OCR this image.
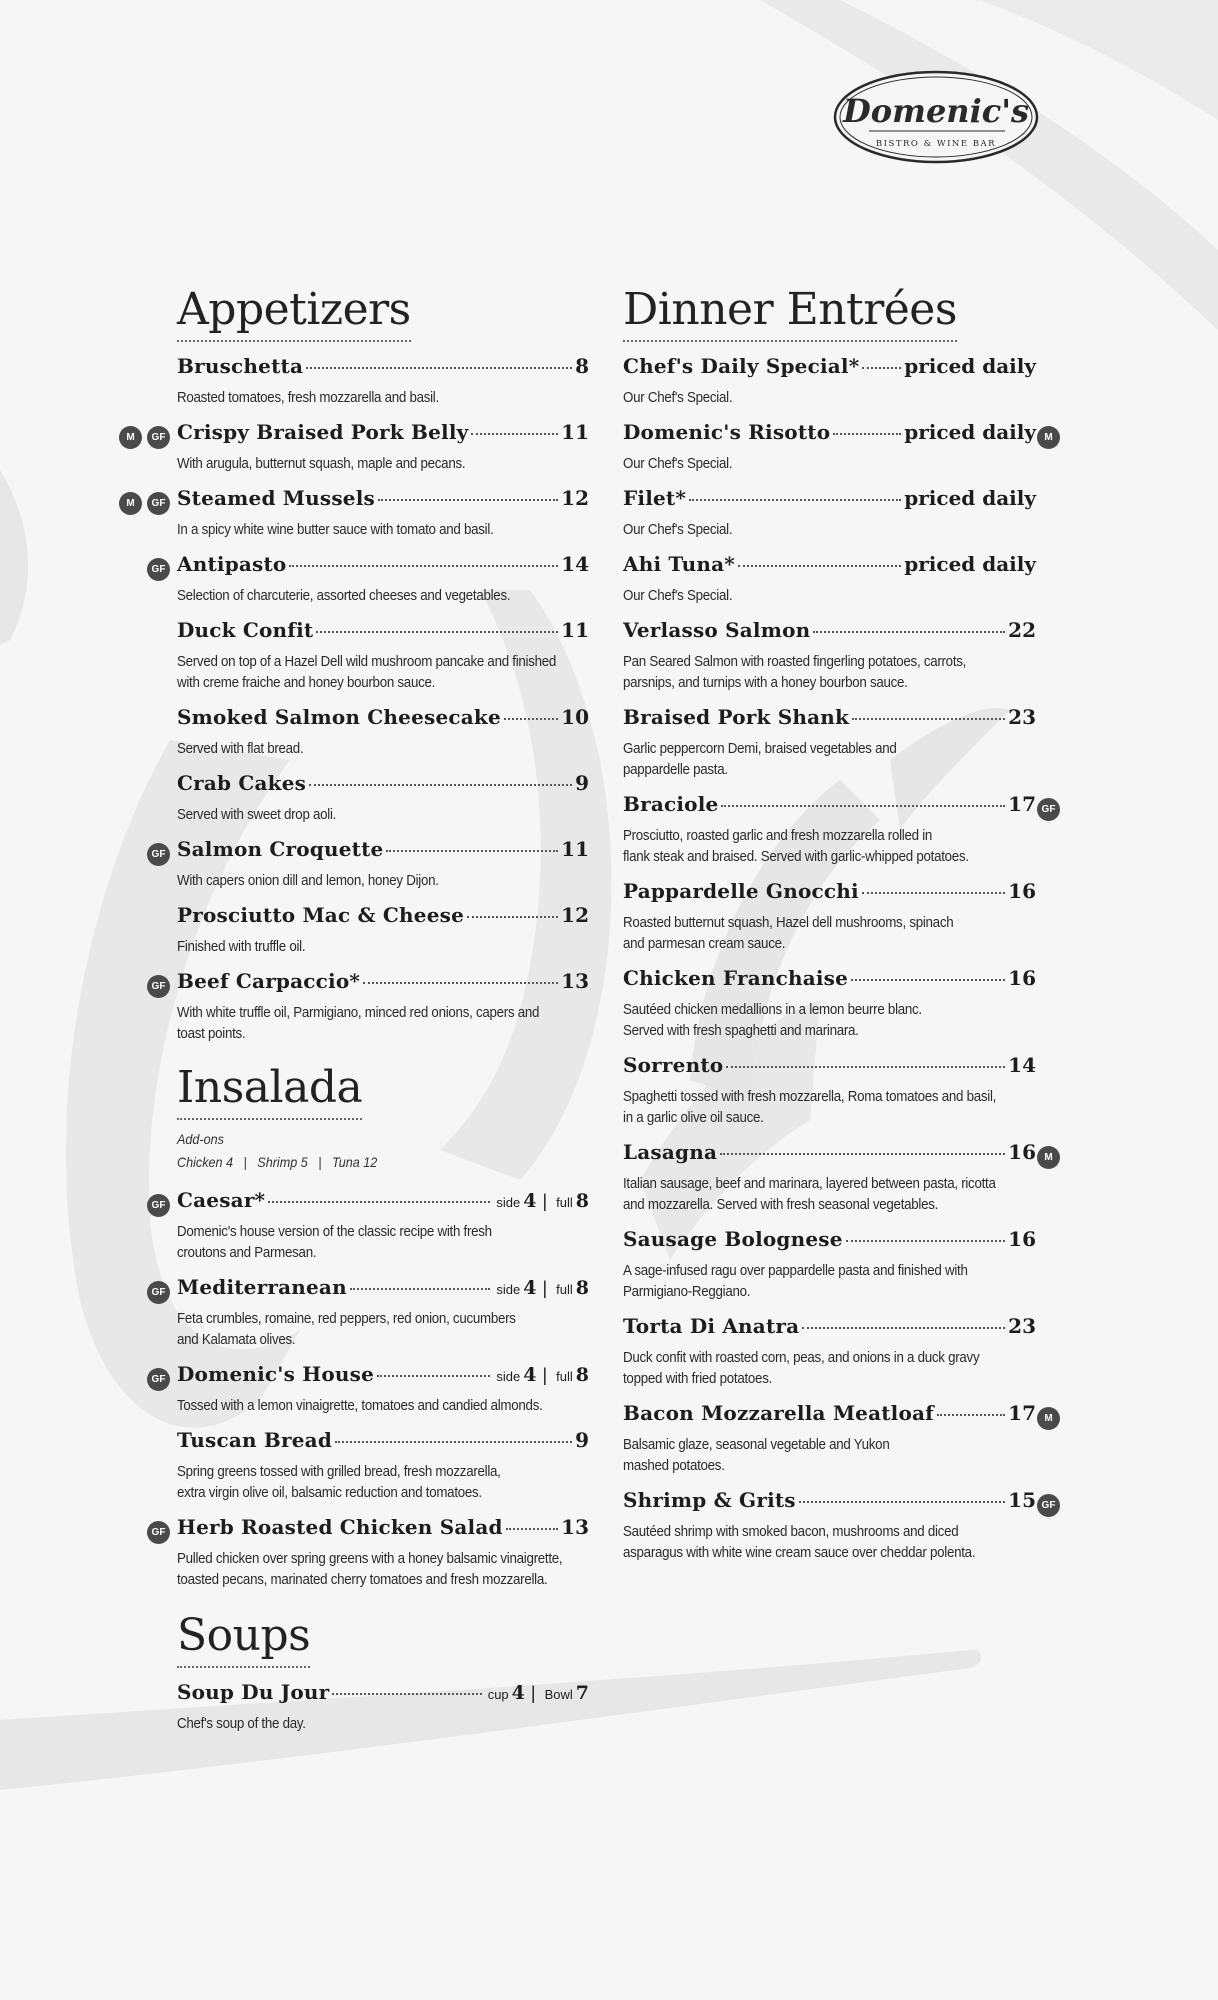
Domenic's
BISTRO & WINE BAR
Appetizers
Bruschetta	8
Roasted tomatoes, fresh mozzarella and basil.
Crispy Braised Pork Belly	11
With arugula, butternut squash, maple and pecans.
GF
M
Steamed Mussels	12
In a spicy white wine butter sauce with tomato and basil.
GF
M
Antipasto	14
Selection of charcuterie, assorted cheeses and vegetables.
GF
Duck Confit	11
Served on top of a Hazel Dell wild mushroom pancake and finished
with creme fraiche and honey bourbon sauce.
Smoked Salmon Cheesecake	10
Served with flat bread.
Crab Cakes	9
Served with sweet drop aoli.
Salmon Croquette	11
With capers onion dill and lemon, honey Dijon.
GF
Prosciutto Mac & Cheese	12
Finished with truffle oil.
Beef Carpaccio*	13
With white truffle oil, Parmigiano, minced red onions, capers and
toast points.
GF
Insalada
Add-ons
Chicken 4   |   Shrimp 5   |   Tuna 12
Caesar*	side 4 | full 8
Domenic's house version of the classic recipe with fresh
croutons and Parmesan.
GF
Mediterranean	side 4 | full 8
Feta crumbles, romaine, red peppers, red onion, cucumbers
and Kalamata olives.
GF
Domenic's House	side 4 | full 8
Tossed with a lemon vinaigrette, tomatoes and candied almonds.
GF
Tuscan Bread	9
Spring greens tossed with grilled bread, fresh mozzarella,
extra virgin olive oil, balsamic reduction and tomatoes.
Herb Roasted Chicken Salad	13
Pulled chicken over spring greens with a honey balsamic vinaigrette,
toasted pecans, marinated cherry tomatoes and fresh mozzarella.
GF
Soups
Soup Du Jour	cup 4 | Bowl 7
Chef's soup of the day.
Dinner Entrées
Chef's Daily Special* priced daily
Our Chef's Special.
Domenic's Risotto	priced daily
Our Chef's Special.
M
Filet*	priced daily
Our Chef's Special.
Ahi Tuna*	priced daily
Our Chef's Special.
Verlasso Salmon	22
Pan Seared Salmon with roasted fingerling potatoes, carrots,
parsnips, and turnips with a honey bourbon sauce.
Braised Pork Shank	23
Garlic peppercorn Demi, braised vegetables and
pappardelle pasta.
Braciole	17
Prosciutto, roasted garlic and fresh mozzarella rolled in
flank steak and braised. Served with garlic-whipped potatoes.
GF
Pappardelle Gnocchi	16
Roasted butternut squash, Hazel dell mushrooms, spinach
and parmesan cream sauce.
Chicken Franchaise	16
Sautéed chicken medallions in a lemon beurre blanc.
Served with fresh spaghetti and marinara.
Sorrento	14
Spaghetti tossed with fresh mozzarella, Roma tomatoes and basil,
in a garlic olive oil sauce.
Lasagna	16
Italian sausage, beef and marinara, layered between pasta, ricotta
and mozzarella. Served with fresh seasonal vegetables.
M
Sausage Bolognese	16
A sage-infused ragu over pappardelle pasta and finished with
Parmigiano-Reggiano.
Torta Di Anatra	23
Duck confit with roasted corn, peas, and onions in a duck gravy
topped with fried potatoes.
Bacon Mozzarella Meatloaf	17
Balsamic glaze, seasonal vegetable and Yukon
mashed potatoes.
M
Shrimp & Grits	15
Sautéed shrimp with smoked bacon, mushrooms and diced
asparagus with white wine cream sauce over cheddar polenta.
GF
